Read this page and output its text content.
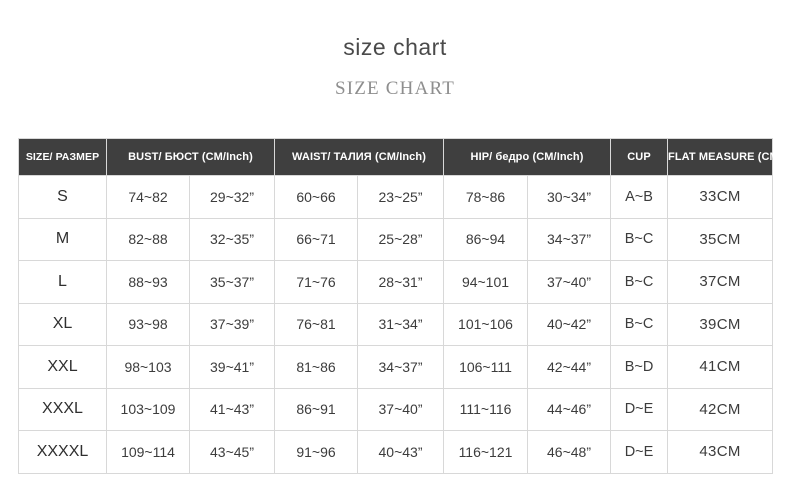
size chart
SIZE CHART
SIZE/ РАЗМЕР	BUST/ БЮСТ (CM/Inch)		WAIST/ ТАЛИЯ (CM/Inch)		HIP/ бедро (CM/Inch)		CUP	FLAT MEASURE (CM)
S	74~82	29~32”	60~66	23~25”	78~86	30~34”	A~B	33CM
M	82~88	32~35”	66~71	25~28”	86~94	34~37”	B~C	35CM
L	88~93	35~37”	71~76	28~31”	94~101	37~40”	B~C	37CM
XL	93~98	37~39”	76~81	31~34”	101~106	40~42”	B~C	39CM
XXL	98~103	39~41”	81~86	34~37”	106~111	42~44”	B~D	41CM
XXXL	103~109	41~43”	86~91	37~40”	111~116	44~46”	D~E	42CM
XXXXL	109~114	43~45”	91~96	40~43”	116~121	46~48”	D~E	43CM
